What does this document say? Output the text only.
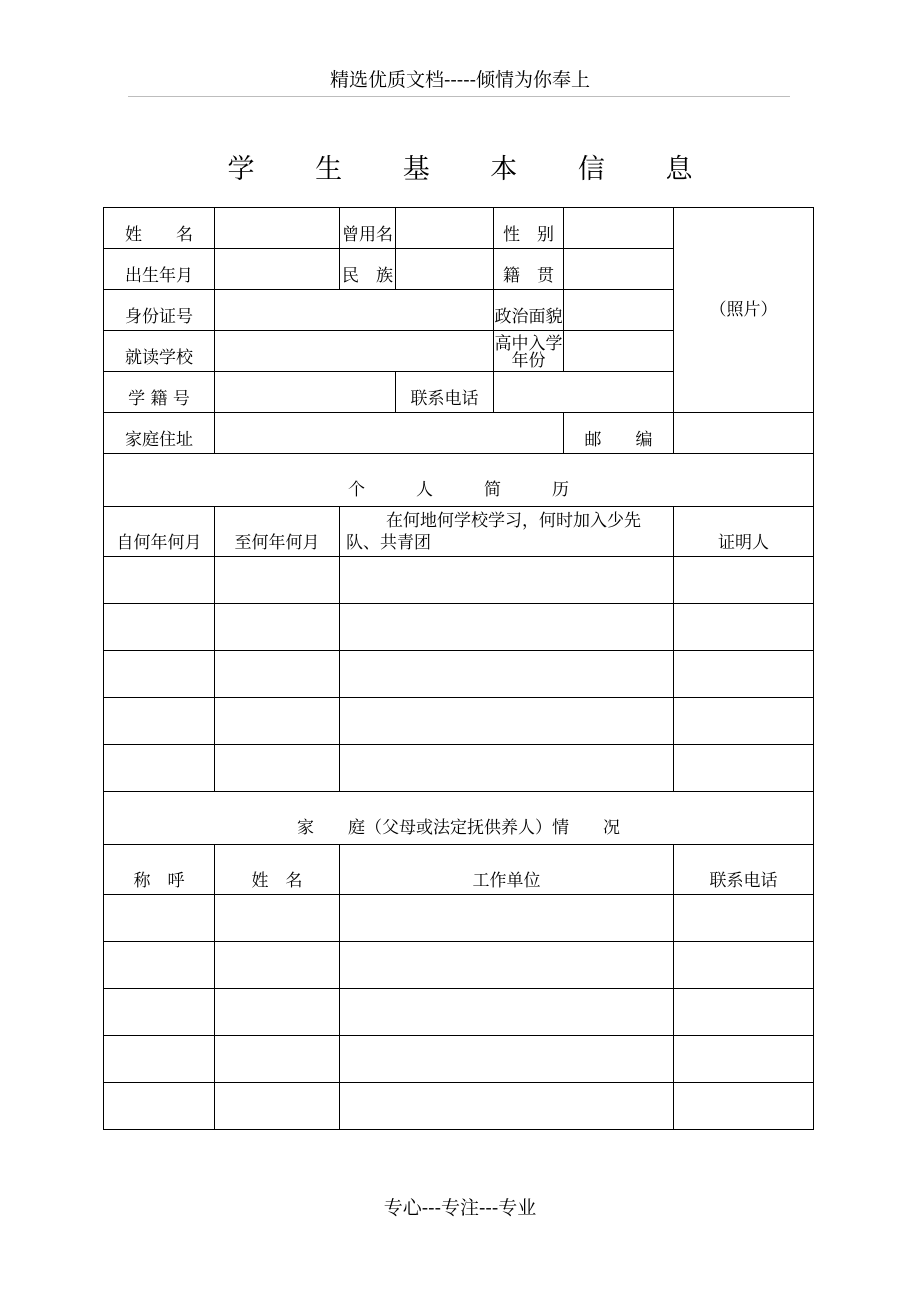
精选优质文档-----倾情为你奉上
学 生 基 本 信 息
姓　　名		曾用名		性　别		（照片）
出生年月		民　族		籍　贯		
身份证号				政治面貌		
就读学校				高中入学
年份		

学 籍 号			联系电话			
家庭住址					邮　　编	
个　　　人　　　简　　　历						
自何年何月	至何年何月	在何地何学校学习，何时加入少先
队、共青团				证明人

家　　庭（父母或法定抚供养人）情　　况						
称　呼	姓　名	工作单位				联系电话

专心---专注---专业
